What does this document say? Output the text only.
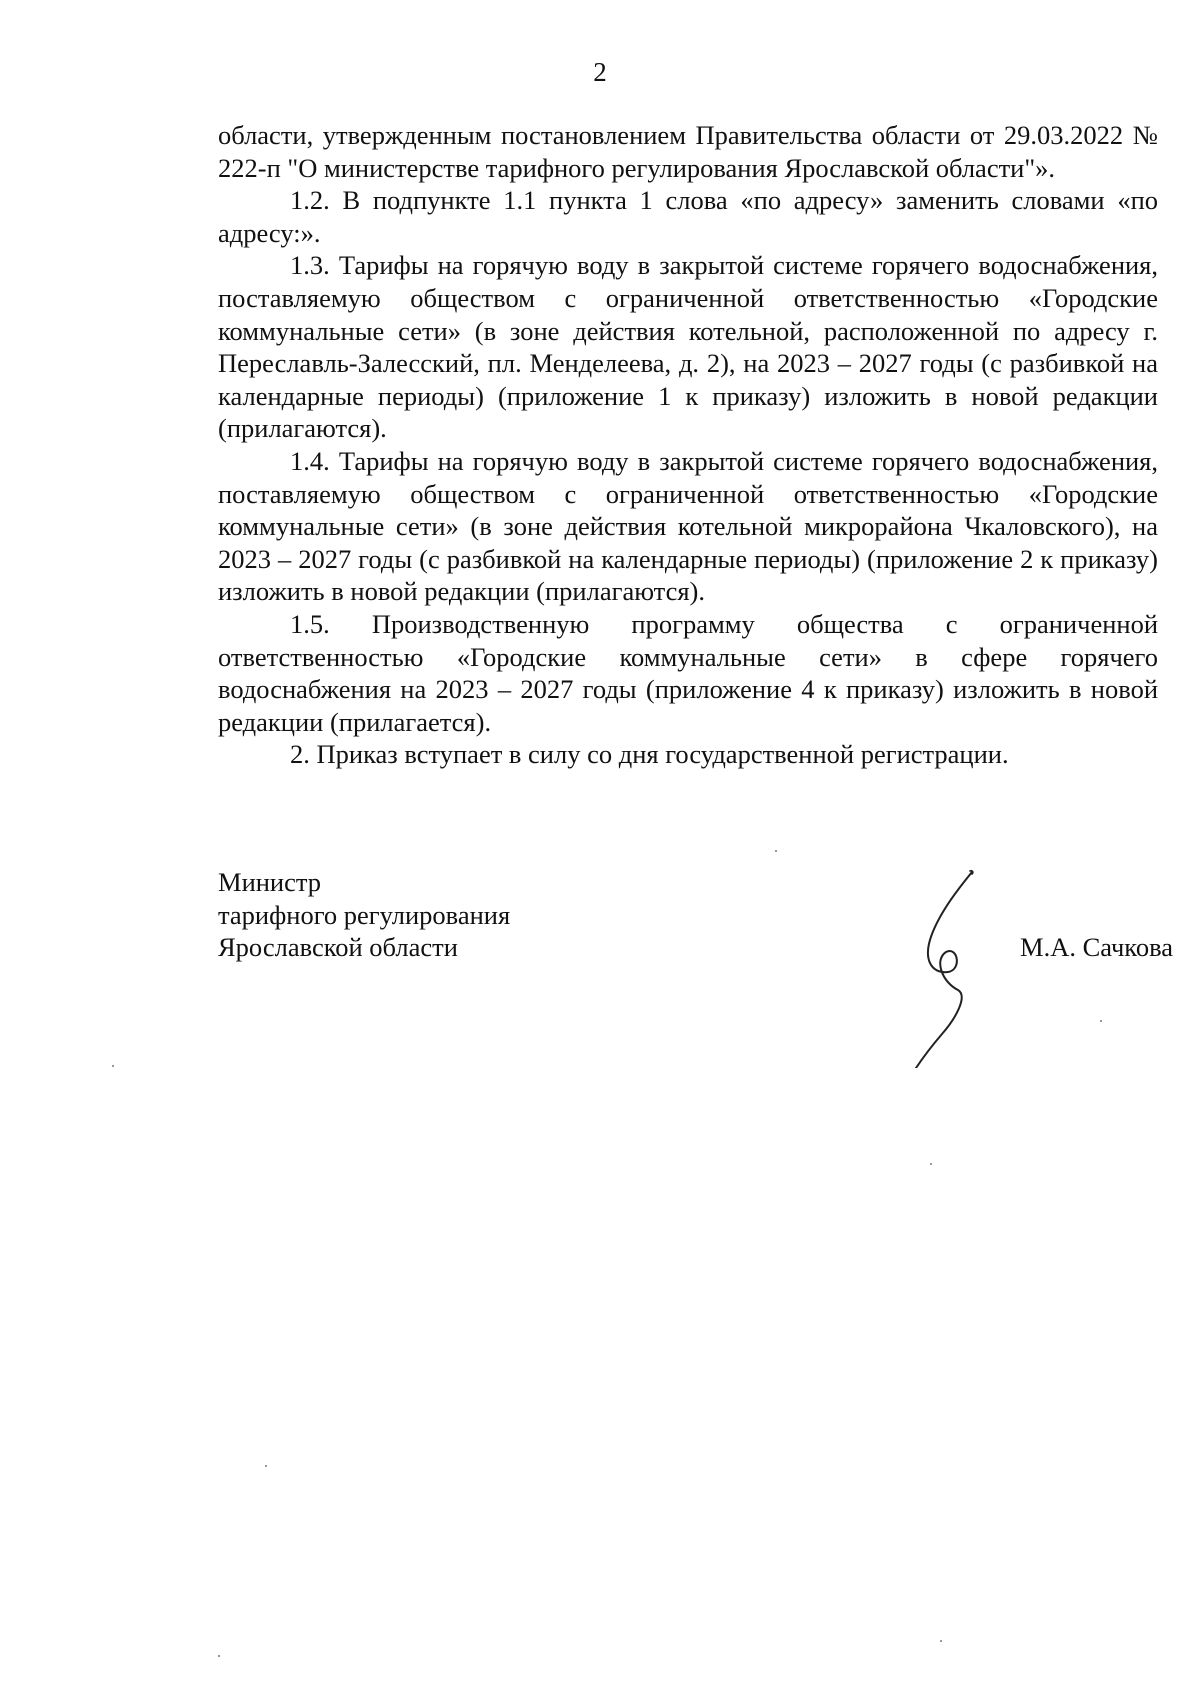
2

области, утвержденным постановлением Правительства области от 29.03.2022 № 222-п "О министерстве тарифного регулирования Ярославской области"».

1.2. В подпункте 1.1 пункта 1 слова «по адресу» заменить словами «по адресу:».

1.3. Тарифы на горячую воду в закрытой системе горячего водоснабжения, поставляемую обществом с ограниченной ответственностью «Городские коммунальные сети» (в зоне действия котельной, расположенной по адресу г. Переславль-Залесский, пл. Менделеева, д. 2), на 2023 – 2027 годы (с разбивкой на календарные периоды) (приложение 1 к приказу) изложить в новой редакции (прилагаются).

1.4. Тарифы на горячую воду в закрытой системе горячего водоснабжения, поставляемую обществом с ограниченной ответственностью «Городские коммунальные сети» (в зоне действия котельной микрорайона Чкаловского), на 2023 – 2027 годы (с разбивкой на календарные периоды) (приложение 2 к приказу) изложить в новой редакции (прилагаются).

1.5. Производственную программу общества с ограниченной ответственностью «Городские коммунальные сети» в сфере горячего водоснабжения на 2023 – 2027 годы (приложение 4 к приказу) изложить в новой редакции (прилагается).

2. Приказ вступает в силу со дня государственной регистрации.

Министр
тарифного регулирования
Ярославской области	М.А. Сачкова
